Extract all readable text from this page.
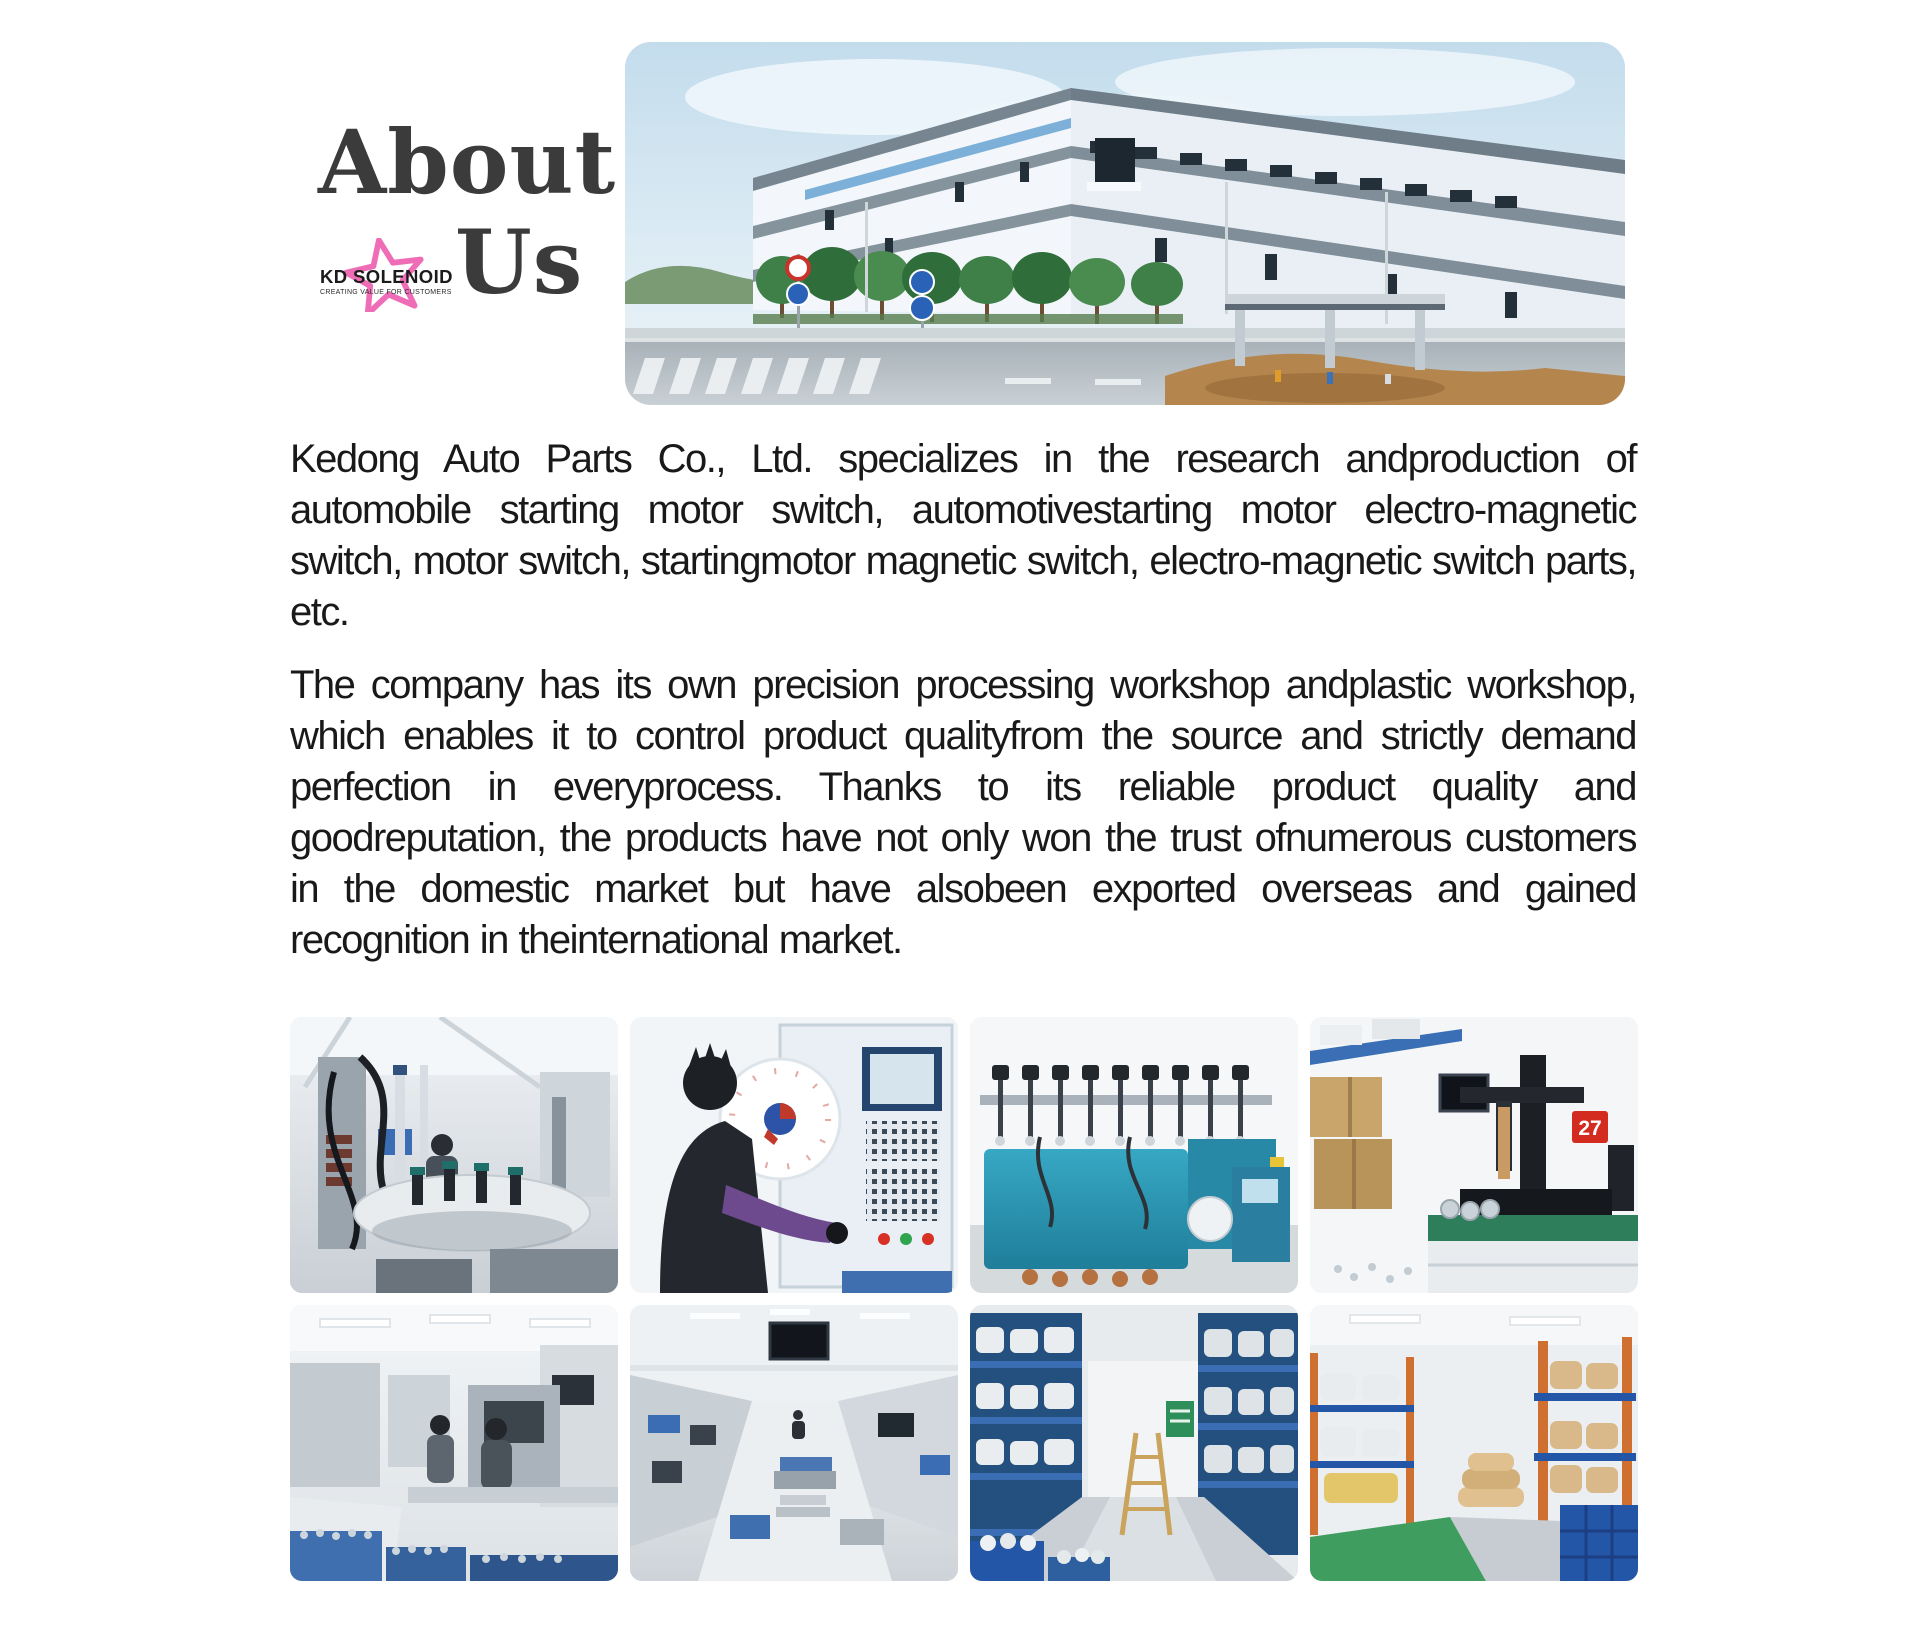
About
Us
KD SOLENOID
CREATING VALUE FOR CUSTOMERS

Kedong Auto Parts Co., Ltd. specializes in the research andproduction of automobile starting motor switch, automotivestarting motor electro-magnetic switch, motor switch, startingmotor magnetic switch, electro-magnetic switch parts, etc.

The company has its own precision processing workshop andplastic workshop, which enables it to control product qualityfrom the source and strictly demand perfection in everyprocess. Thanks to its reliable product quality and goodreputation, the products have not only won the trust ofnumerous customers in the domestic market but have alsobeen exported overseas and gained recognition in theinternational market.

27
